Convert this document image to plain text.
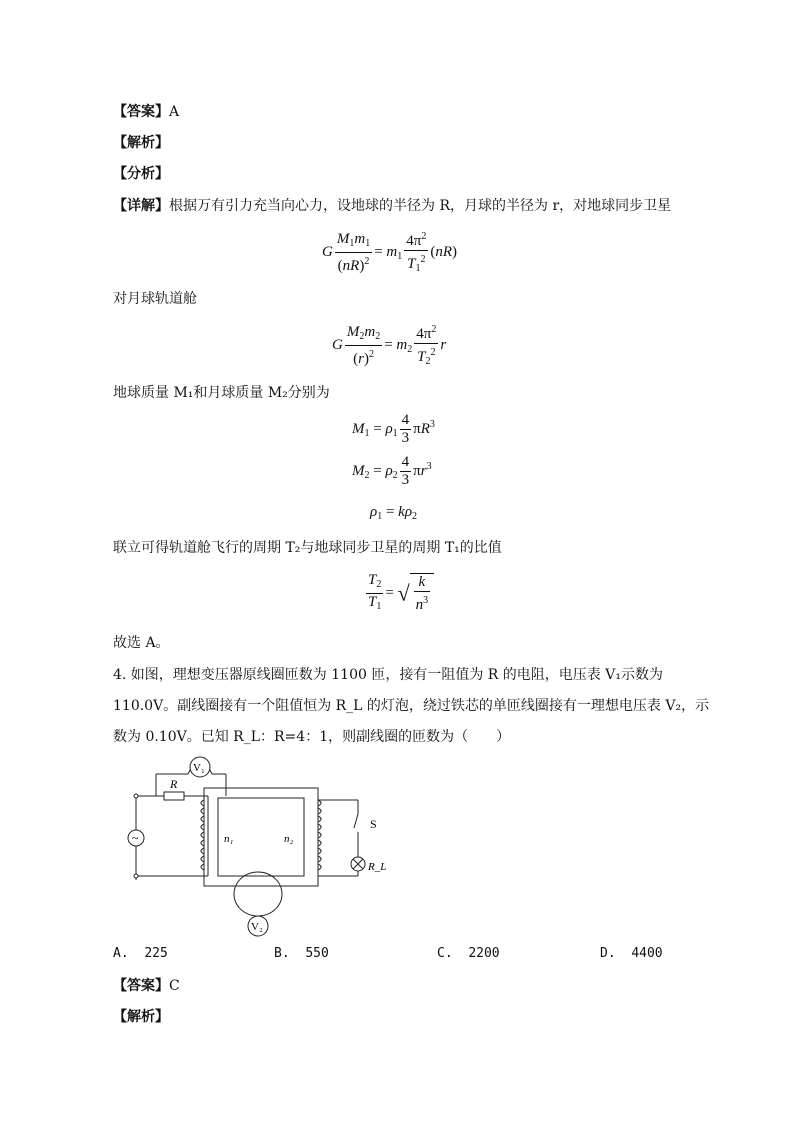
【答案】A
【解析】
【分析】
【详解】根据万有引力充当向心力，设地球的半径为 R，月球的半径为 r，对地球同步卫星
G $\frac{M_1m_1}{(nR)^2} = m_1 \frac{4\pi^2}{T_1^2} (nR)$
对月球轨道舱
G $\frac{M_2m_2}{(r)^2} = m_2 \frac{4\pi^2}{T_2^2}$ r
地球质量 M₁和月球质量 M₂分别为
$M_1 = \rho_1 \frac{4}{3} \pi R^3$
$M_2 = \rho_2 \frac{4}{3} \pi r^3$
$\rho_1 = k\rho_2$
联立可得轨道舱飞行的周期 T₂与地球同步卫星的周期 T₁的比值
$\frac{T_2}{T_1}$ = √ $\frac{k}{n^3}$
故选 A。
4. 如图，理想变压器原线圈匝数为 1100 匝，接有一阻值为 R 的电阻，电压表 V₁示数为
110.0V。副线圈接有一个阻值恒为 R_L 的灯泡，绕过铁芯的单匝线圈接有一理想电压表 V₂，示
数为 0.10V。已知 R_L：R=4：1，则副线圈的匝数为（　　）
~
V₁
R
n₁	n₂
S
R_L
V₂
A. 225	B. 550	C. 2200	D. 4400
【答案】C
【解析】
